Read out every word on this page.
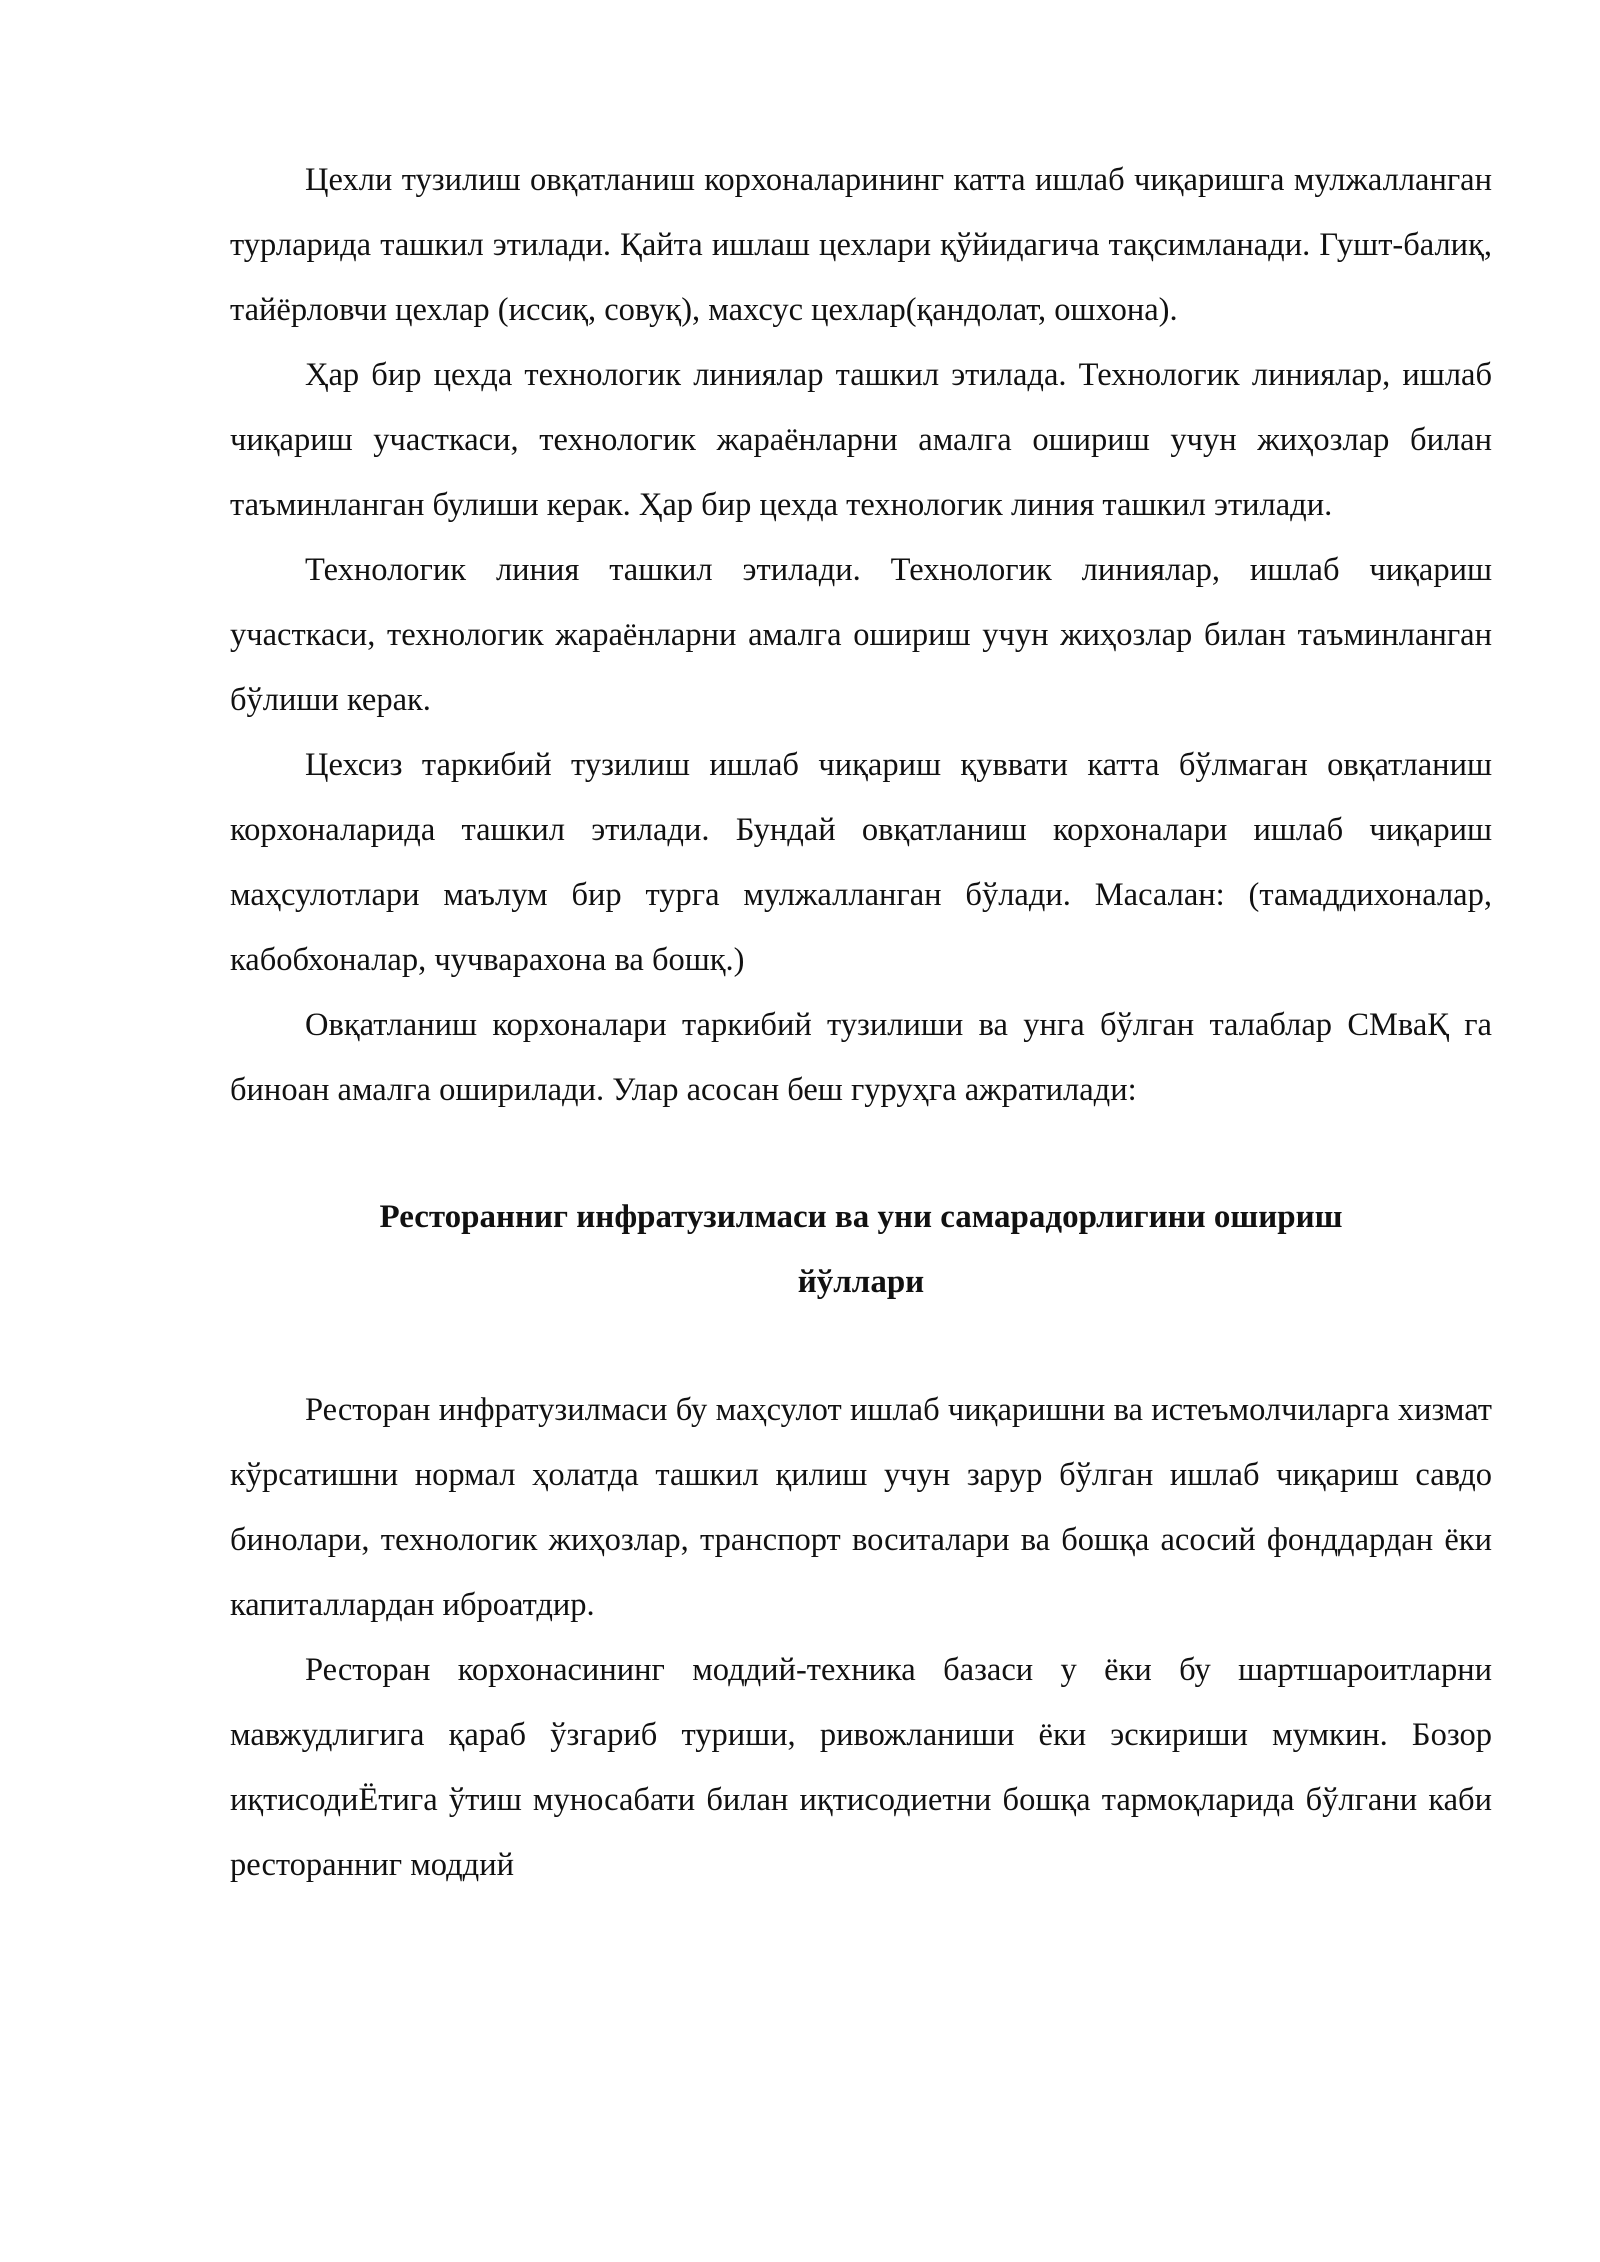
Цехли тузилиш овқатланиш корхоналарининг катта ишлаб чиқаришга мулжалланган турларида ташкил этилади. Қайта ишлаш цехлари қўйидагича тақсимланади. Гушт-балиқ, тайёрловчи цехлар (иссиқ, совуқ), махсус цехлар(қандолат, ошхона).

Ҳар бир цехда технологик линиялар ташкил этилада. Технологик линиялар, ишлаб чиқариш участкаси, технологик жараёнларни амалга ошириш учун жиҳозлар билан таъминланган булиши керак. Ҳар бир цехда технологик линия ташкил этилади.

Технологик линия ташкил этилади. Технологик линиялар, ишлаб чиқариш участкаси, технологик жараёнларни амалга ошириш учун жиҳозлар билан таъминланган бўлиши керак.

Цехсиз таркибий тузилиш ишлаб чиқариш қуввати катта бўлмаган овқатланиш корхоналарида ташкил этилади. Бундай овқатланиш корхоналари ишлаб чиқариш маҳсулотлари маълум бир турга мулжалланган бўлади. Масалан: (тамаддихоналар, кабобхоналар, чучварахона ва бошқ.)

Овқатланиш корхоналари таркибий тузилиши ва унга бўлган талаблар СМваҚ га биноан амалга оширилади. Улар асосан беш гуруҳга ажратилади:

Ресторанниг инфратузилмаси ва уни самарадорлигини ошириш
йўллари

Ресторан инфратузилмаси бу маҳсулот ишлаб чиқаришни ва истеъмолчиларга хизмат кўрсатишни нормал ҳолатда ташкил қилиш учун зарур бўлган ишлаб чиқариш савдо бинолари, технологик жиҳозлар, транспорт воситалари ва бошқа асосий фонддардан ёки капиталлардан иброатдир.

Ресторан корхонасининг моддий-техника базаси у ёки бу шартшароитларни мавжудлигига қараб ўзгариб туриши, ривожланиши ёки эскириши мумкин. Бозор иқтисодиЁтига ўтиш муносабати билан иқтисодиетни бошқа тармоқларида бўлгани каби ресторанниг моддий
